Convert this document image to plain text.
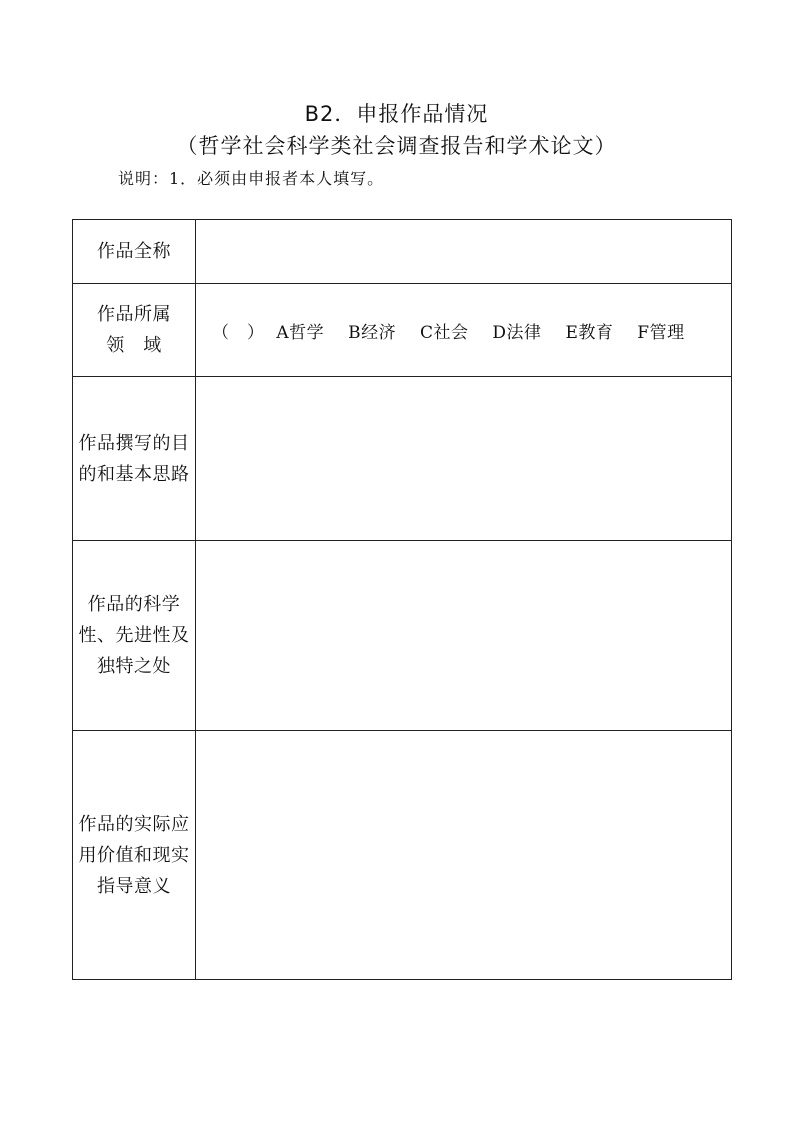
B2．申报作品情况
（哲学社会科学类社会调查报告和学术论文）
说明：1．必须由申报者本人填写。
作品全称	

作品所属
领　域	（　） A哲学 B经济 C社会 D法律 E教育 F管理

作品撰写的目
的和基本思路	

作品的科学
性、先进性及
独特之处	

作品的实际应
用价值和现实
指导意义	
